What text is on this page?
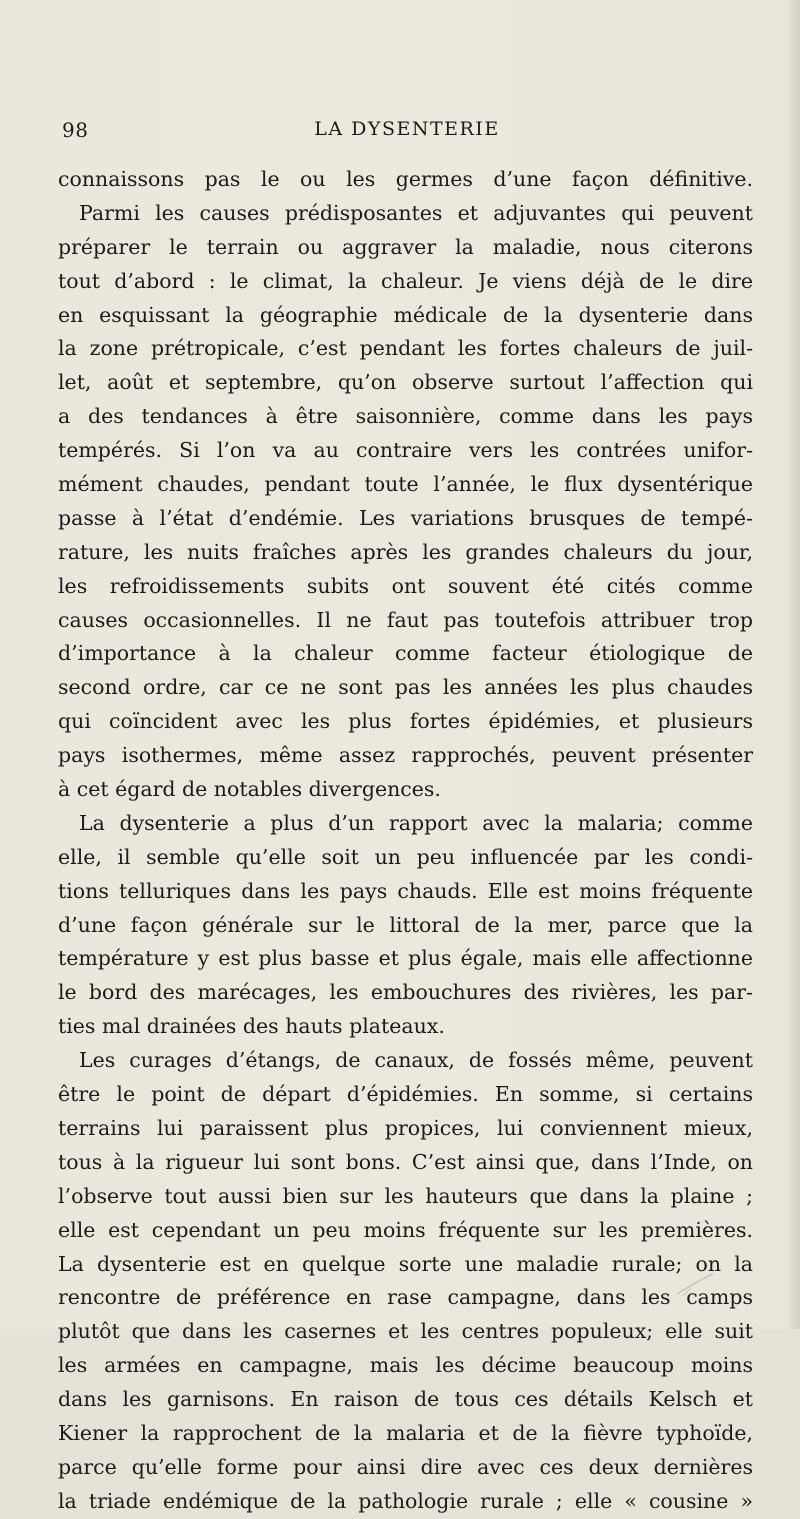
LA DYSENTERIE
98
connaissons pas le ou les germes d’une façon définitive.
Parmi les causes prédisposantes et adjuvantes qui peuvent
préparer le terrain ou aggraver la maladie, nous citerons
tout d’abord : le climat, la chaleur. Je viens déjà de le dire
en esquissant la géographie médicale de la dysenterie dans
la zone prétropicale, c’est pendant les fortes chaleurs de juil-
let, août et septembre, qu’on observe surtout l’affection qui
a des tendances à être saisonnière, comme dans les pays
tempérés. Si l’on va au contraire vers les contrées unifor-
mément chaudes, pendant toute l’année, le flux dysentérique
passe à l’état d’endémie. Les variations brusques de tempé-
rature, les nuits fraîches après les grandes chaleurs du jour,
les refroidissements subits ont souvent été cités comme
causes occasionnelles. Il ne faut pas toutefois attribuer trop
d’importance à la chaleur comme facteur étiologique de
second ordre, car ce ne sont pas les années les plus chaudes
qui coïncident avec les plus fortes épidémies, et plusieurs
pays isothermes, même assez rapprochés, peuvent présenter
à cet égard de notables divergences.
La dysenterie a plus d’un rapport avec la malaria; comme
elle, il semble qu’elle soit un peu influencée par les condi-
tions telluriques dans les pays chauds. Elle est moins fréquente
d’une façon générale sur le littoral de la mer, parce que la
température y est plus basse et plus égale, mais elle affectionne
le bord des marécages, les embouchures des rivières, les par-
ties mal drainées des hauts plateaux.
Les curages d’étangs, de canaux, de fossés même, peuvent
être le point de départ d’épidémies. En somme, si certains
terrains lui paraissent plus propices, lui conviennent mieux,
tous à la rigueur lui sont bons. C’est ainsi que, dans l’Inde, on
l’observe tout aussi bien sur les hauteurs que dans la plaine ;
elle est cependant un peu moins fréquente sur les premières.
La dysenterie est en quelque sorte une maladie rurale; on la
rencontre de préférence en rase campagne, dans les camps
plutôt que dans les casernes et les centres populeux; elle suit
les armées en campagne, mais les décime beaucoup moins
dans les garnisons. En raison de tous ces détails Kelsch et
Kiener la rapprochent de la malaria et de la fièvre typhoïde,
parce qu’elle forme pour ainsi dire avec ces deux dernières
la triade endémique de la pathologie rurale ; elle « cousine »
